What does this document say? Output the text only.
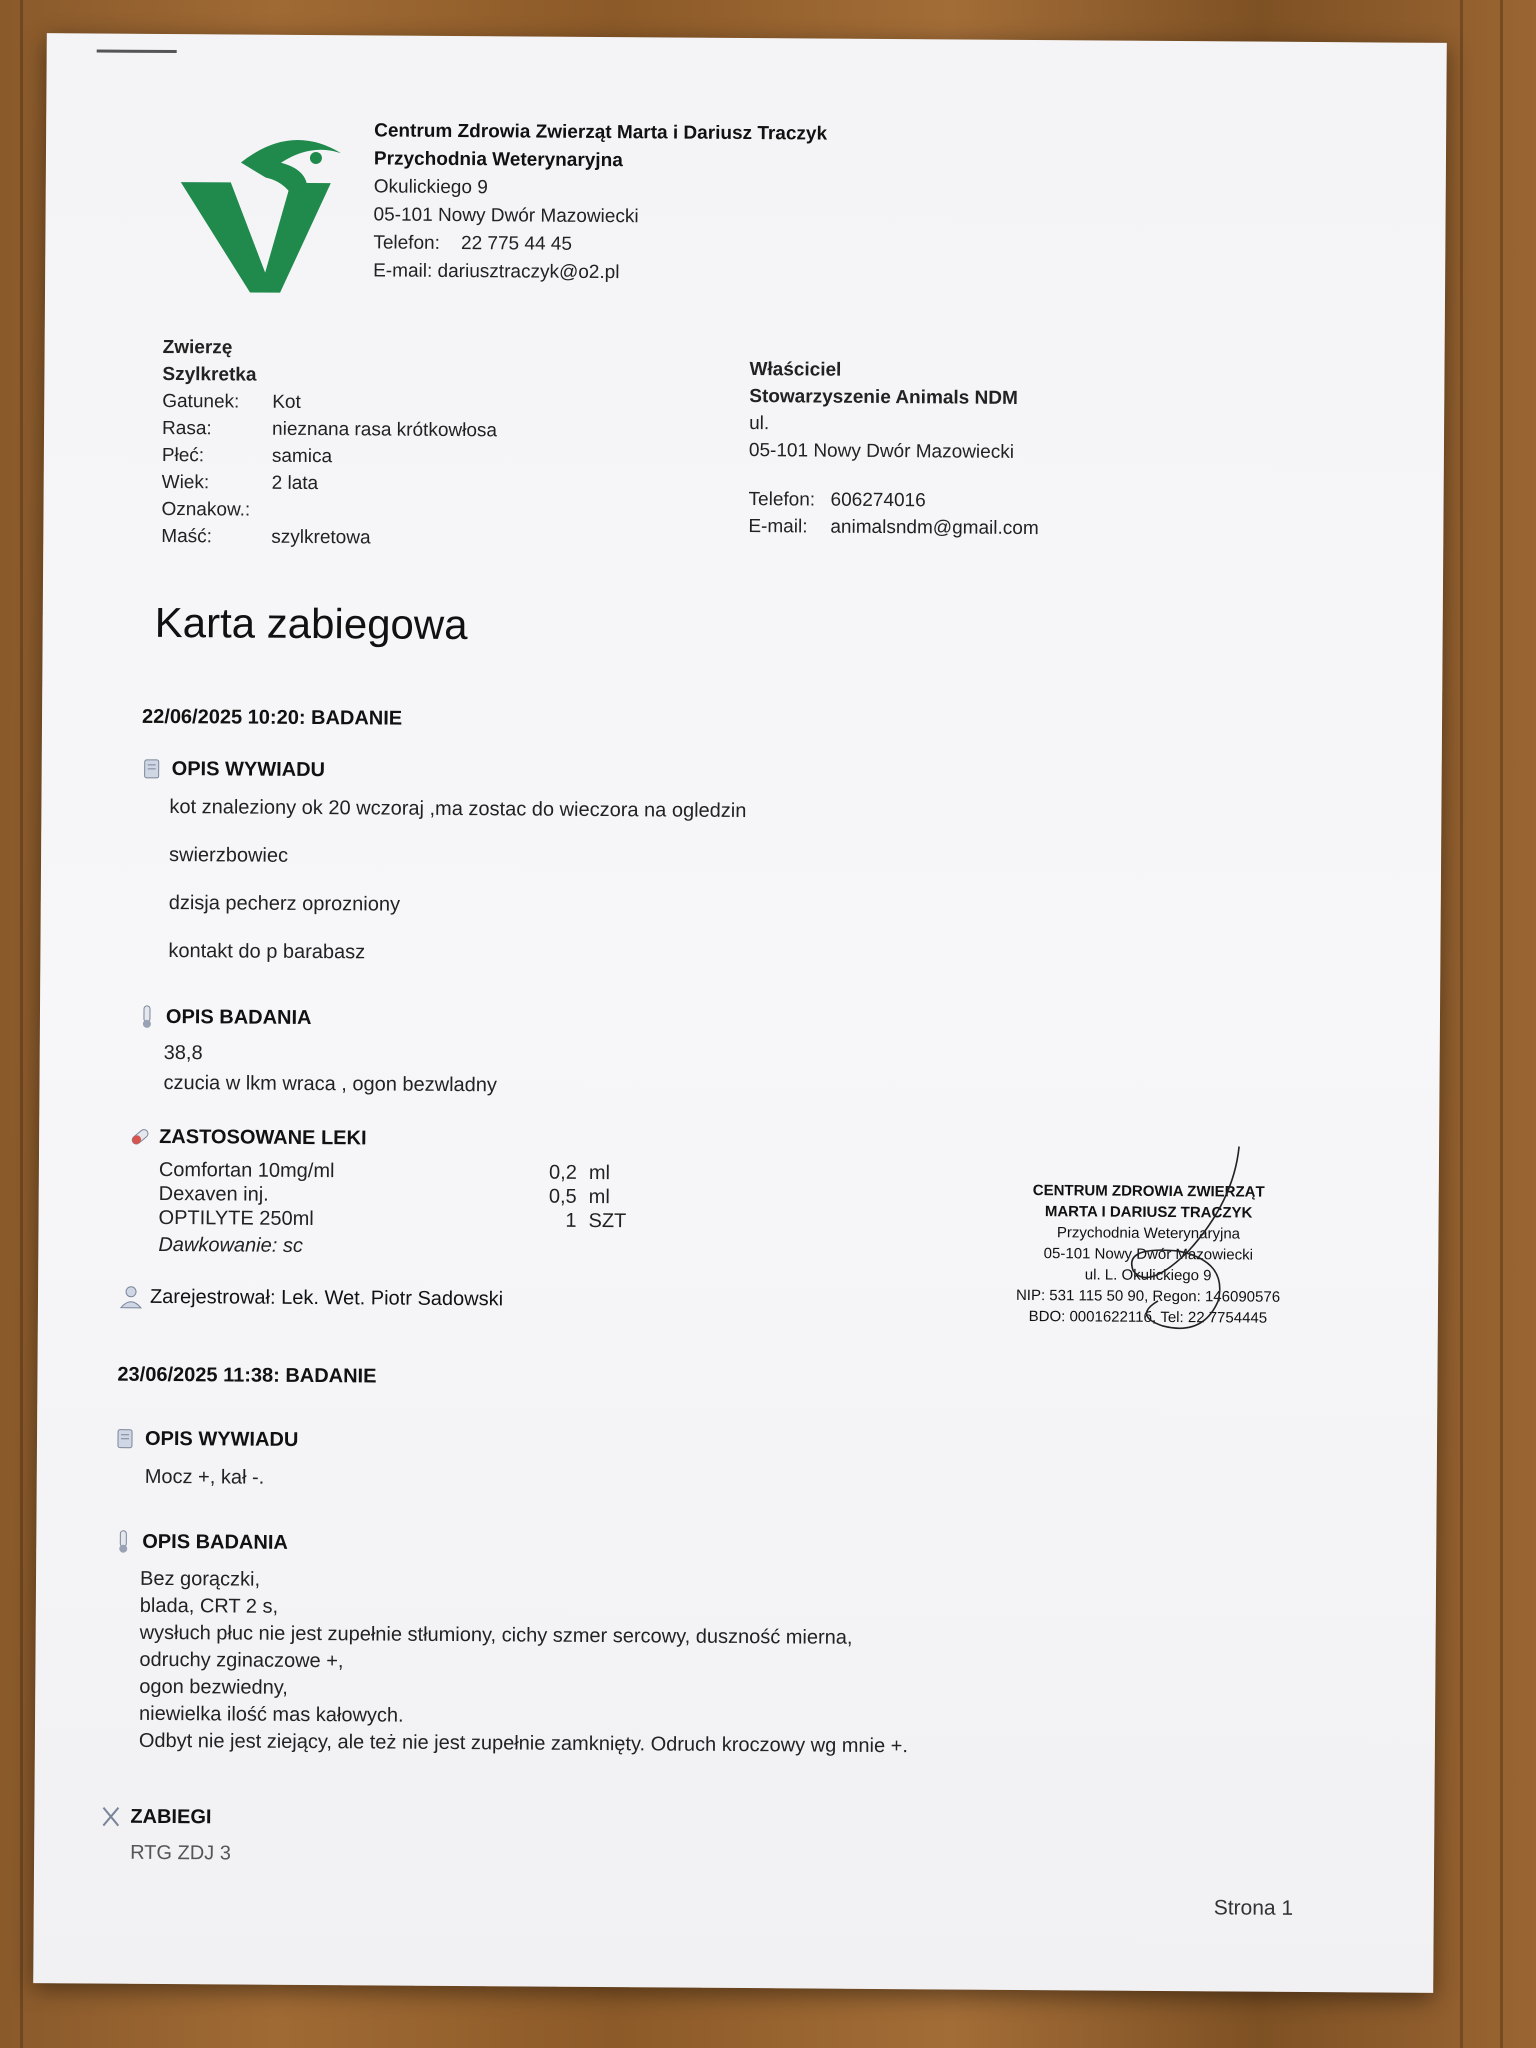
Centrum Zdrowia Zwierząt Marta i Dariusz Traczyk
Przychodnia Weterynaryjna
Okulickiego 9
05-101 Nowy Dwór Mazowiecki
Telefon: 22 775 44 45
E-mail: dariusztraczyk@o2.pl
Zwierzę
Szylkretka
Gatunek:	Kot
Rasa:	nieznana rasa krótkowłosa
Płeć:	samica
Wiek:	2 lata
Oznakow.:
Maść:	szylkretowa
Właściciel
Stowarzyszenie Animals NDM
ul.
05-101 Nowy Dwór Mazowiecki
Telefon: 606274016
E-mail:	animalsndm@gmail.com
Karta zabiegowa
22/06/2025 10:20: BADANIE
OPIS WYWIADU
kot znaleziony ok 20 wczoraj ,ma zostac do wieczora na ogledzin
swierzbowiec
dzisja pecherz oprozniony
kontakt do p barabasz
OPIS BADANIA
38,8
czucia w lkm wraca , ogon bezwladny
ZASTOSOWANE LEKI
Comfortan 10mg/ml	0,2 ml
Dexaven inj.	0,5 ml
OPTILYTE 250ml	1 SZT
Dawkowanie: sc
Zarejestrował: Lek. Wet. Piotr Sadowski
CENTRUM ZDROWIA ZWIERZĄT
MARTA I DARIUSZ TRACZYK
Przychodnia Weterynaryjna
05-101 Nowy Dwór Mazowiecki
ul. L. Okulickiego 9
NIP: 531 115 50 90, Regon: 146090576
BDO: 000162211б, Tel: 22 7754445
23/06/2025 11:38: BADANIE
OPIS WYWIADU
Mocz +, kał -.
OPIS BADANIA
Bez gorączki,
blada, CRT 2 s,
wysłuch płuc nie jest zupełnie stłumiony, cichy szmer sercowy, duszność mierna,
odruchy zginaczowe +,
ogon bezwiedny,
niewielka ilość mas kałowych.
Odbyt nie jest ziejący, ale też nie jest zupełnie zamknięty. Odruch kroczowy wg mnie +.
ZABIEGI
RTG ZDJ 3
Strona 1
